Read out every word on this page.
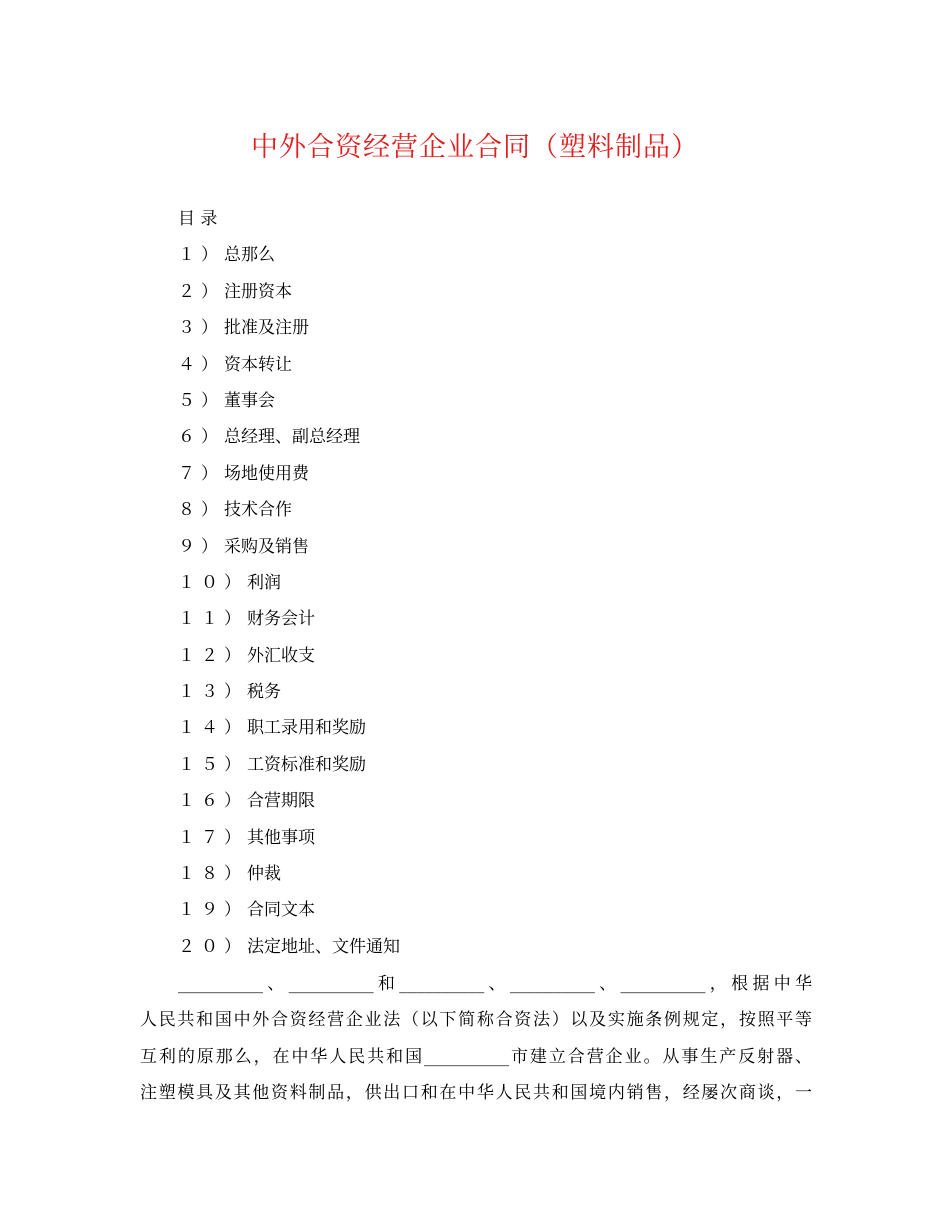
中外合资经营企业合同（塑料制品）
目 录
１）总那么
２）注册资本
３）批准及注册
４）资本转让
５）董事会
６）总经理、副总经理
７）场地使用费
８）技术合作
９）采购及销售
１０）利润
１１）财务会计
１２）外汇收支
１３）税务
１４）职工录用和奖励
１５）工资标准和奖励
１６）合营期限
１７）其他事项
１８）仲裁
１９）合同文本
２０）法定地址、文件通知

__________、__________和__________、__________、__________，根据中华
人民共和国中外合资经营企业法（以下简称合资法）以及实施条例规定，按照平等
互利的原那么，在中华人民共和国__________市建立合营企业。从事生产反射器、
注塑模具及其他资料制品，供出口和在中华人民共和国境内销售，经屡次商谈，一
